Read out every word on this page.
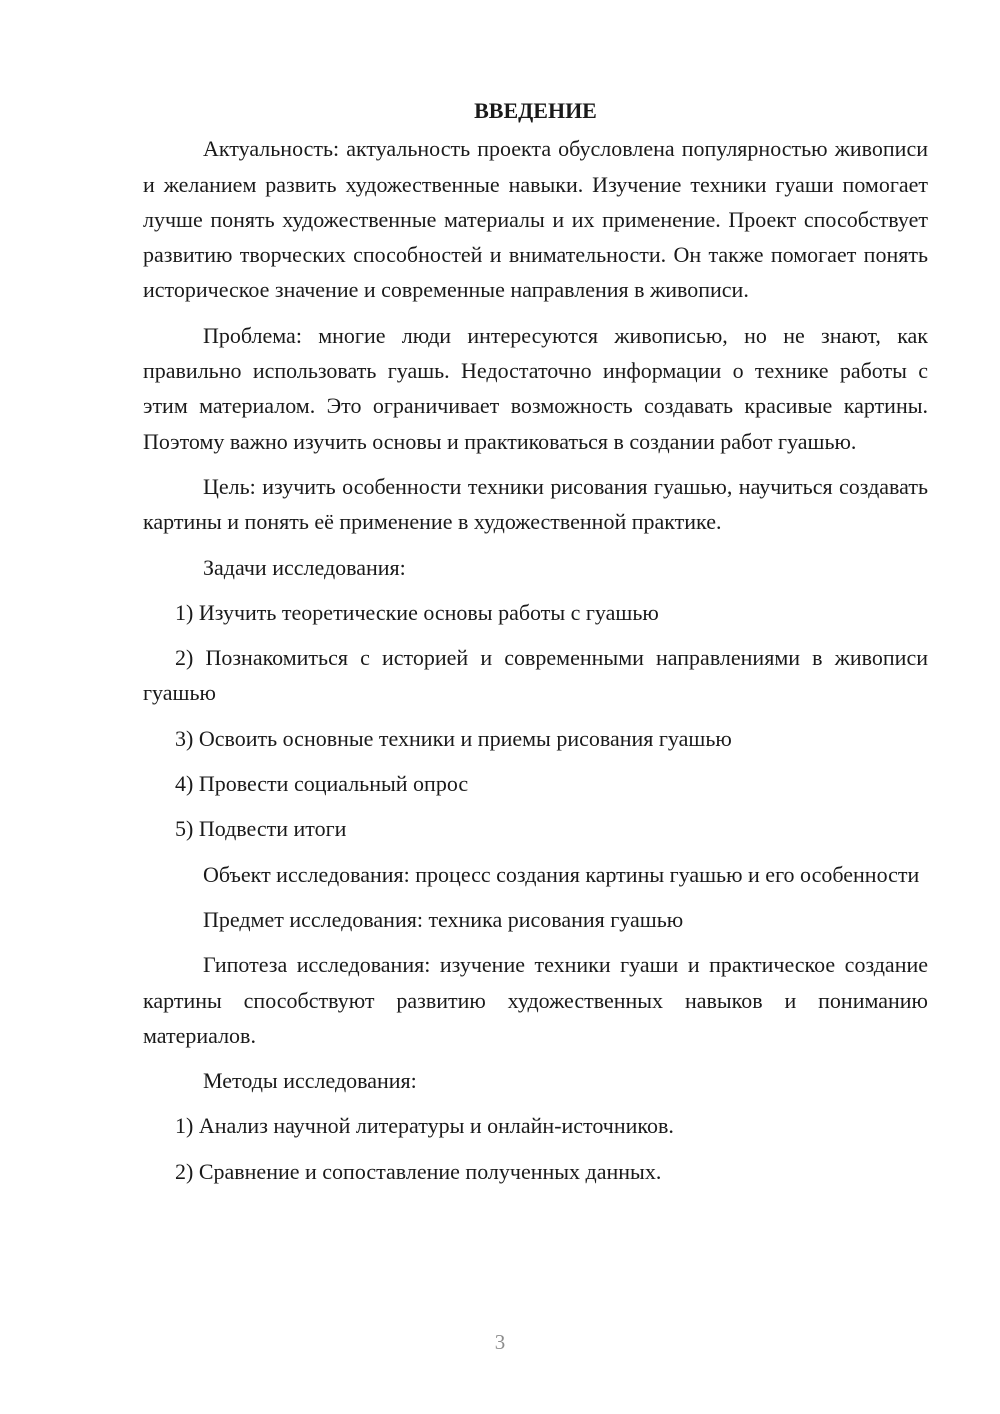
ВВЕДЕНИЕ
Актуальность: актуальность проекта обусловлена популярностью живописи и желанием развить художественные навыки. Изучение техники гуаши помогает лучше понять художественные материалы и их применение. Проект способствует развитию творческих способностей и внимательности. Он также помогает понять историческое значение и современные направления в живописи.
Проблема: многие люди интересуются живописью, но не знают, как правильно использовать гуашь. Недостаточно информации о технике работы с этим материалом. Это ограничивает возможность создавать красивые картины. Поэтому важно изучить основы и практиковаться в создании работ гуашью.
Цель: изучить особенности техники рисования гуашью, научиться создавать картины и понять её применение в художественной практике.
Задачи исследования:
1) Изучить теоретические основы работы с гуашью
2) Познакомиться с историей и современными направлениями в живописи гуашью
3) Освоить основные техники и приемы рисования гуашью
4) Провести социальный опрос
5) Подвести итоги
Объект исследования: процесс создания картины гуашью и его особенности
Предмет исследования: техника рисования гуашью
Гипотеза исследования: изучение техники гуаши и практическое создание картины способствуют развитию художественных навыков и пониманию материалов.
Методы исследования:
1) Анализ научной литературы и онлайн-источников.
2) Сравнение и сопоставление полученных данных.
3
